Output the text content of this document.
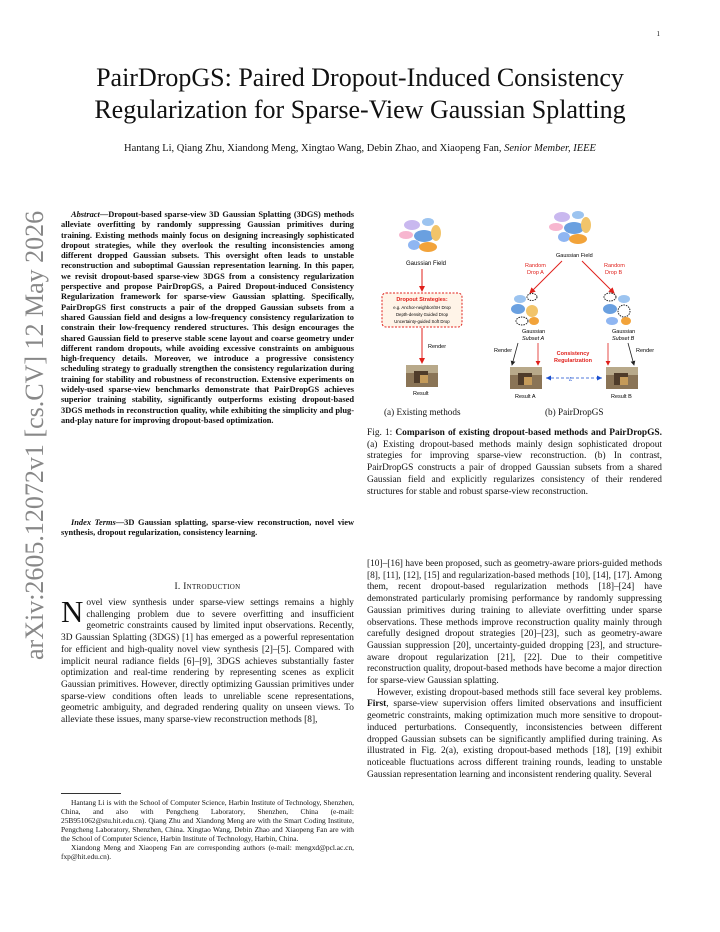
1
arXiv:2605.12072v1 [cs.CV] 12 May 2026
PairDropGS: Paired Dropout-Induced Consistency Regularization for Sparse-View Gaussian Splatting
Hantang Li, Qiang Zhu, Xiandong Meng, Xingtao Wang, Debin Zhao, and Xiaopeng Fan, Senior Member, IEEE
Abstract—Dropout-based sparse-view 3D Gaussian Splatting (3DGS) methods alleviate overfitting by randomly suppressing Gaussian primitives during training. Existing methods mainly focus on designing increasingly sophisticated dropout strategies, while they overlook the resulting inconsistencies among different dropped Gaussian subsets. This oversight often leads to unstable reconstruction and suboptimal Gaussian representation learning. In this paper, we revisit dropout-based sparse-view 3DGS from a consistency regularization perspective and propose PairDropGS, a Paired Dropout-induced Consistency Regularization framework for sparse-view Gaussian splatting. Specifically, PairDropGS first constructs a pair of the dropped Gaussian subsets from a shared Gaussian field and designs a low-frequency consistency regularization to constrain their low-frequency rendered structures. This design encourages the shared Gaussian field to preserve stable scene layout and coarse geometry under different random dropouts, while avoiding excessive constraints on ambiguous high-frequency details. Moreover, we introduce a progressive consistency scheduling strategy to gradually strengthen the consistency regularization during training for stability and robustness of reconstruction. Extensive experiments on widely-used sparse-view benchmarks demonstrate that PairDropGS achieves superior training stability, significantly outperforms existing dropout-based 3DGS methods in reconstruction quality, while exhibiting the simplicity and plug-and-play nature for improving dropout-based optimization.
Index Terms—3D Gaussian splatting, sparse-view reconstruction, novel view synthesis, dropout regularization, consistency learning.
I. Introduction
Novel view synthesis under sparse-view settings remains a highly challenging problem due to severe overfitting and insufficient geometric constraints caused by limited input observations. Recently, 3D Gaussian Splatting (3DGS) [1] has emerged as a powerful representation for efficient and high-quality novel view synthesis [2]–[5]. Compared with implicit neural radiance fields [6]–[9], 3DGS achieves substantially faster optimization and real-time rendering by representing scenes as explicit Gaussian primitives. However, directly optimizing Gaussian primitives under sparse-view conditions often leads to unreliable scene representations, geometric ambiguity, and degraded rendering quality on unseen views. To alleviate these issues, many sparse-view reconstruction methods [8],

Hantang Li is with the School of Computer Science, Harbin Institute of Technology, Shenzhen, China, and also with Pengcheng Laboratory, Shenzhen, China (e-mail: 25B951062@stu.hit.edu.cn). Qiang Zhu and Xiandong Meng are with the Smart Coding Institute, Pengcheng Laboratory, Shenzhen, China. Xingtao Wang, Debin Zhao and Xiaopeng Fan are with the School of Computer Science, Harbin Institute of Technology, Harbin, China.

Xiandong Meng and Xiaopeng Fan are corresponding authors (e-mail: mengxd@pcl.ac.cn, fxp@hit.edu.cn).

Gaussian Field
Dropout Strategies:
e.g. Anchor-neighbor/SH Drop
Depth-density Guided Drop
Uncertainty-guided Soft Drop
Render
Result
Gaussian Field
Random
Drop A
Random
Drop B
Gaussian
Subset A
Gaussian
Subset B
Render	Render
Consistency
Regularization
L
Result A	Result B
(a) Existing methods	(b) PairDropGS
Fig. 1: Comparison of existing dropout-based methods and PairDropGS. (a) Existing dropout-based methods mainly design sophisticated dropout strategies for improving sparse-view reconstruction. (b) In contrast, PairDropGS constructs a pair of dropped Gaussian subsets from a shared Gaussian field and explicitly regularizes consistency of their rendered structures for stable and robust sparse-view reconstruction.

[10]–[16] have been proposed, such as geometry-aware priors-guided methods [8], [11], [12], [15] and regularization-based methods [10], [14], [17]. Among them, recent dropout-based regularization methods [18]–[24] have demonstrated particularly promising performance by randomly suppressing Gaussian primitives during training to alleviate overfitting under sparse observations. These methods improve reconstruction quality mainly through carefully designed dropout strategies [20]–[23], such as geometry-aware Gaussian suppression [20], uncertainty-guided dropping [23], and structure-aware dropout regularization [21], [22]. Due to their competitive reconstruction quality, dropout-based methods have become a major direction for sparse-view Gaussian splatting.

However, existing dropout-based methods still face several key problems. First, sparse-view supervision offers limited observations and insufficient geometric constraints, making optimization much more sensitive to dropout-induced perturbations. Consequently, inconsistencies between different dropped Gaussian subsets can be significantly amplified during training. As illustrated in Fig. 2(a), existing dropout-based methods [18], [19] exhibit noticeable fluctuations across different training rounds, leading to unstable Gaussian representation learning and inconsistent rendering quality. Several
